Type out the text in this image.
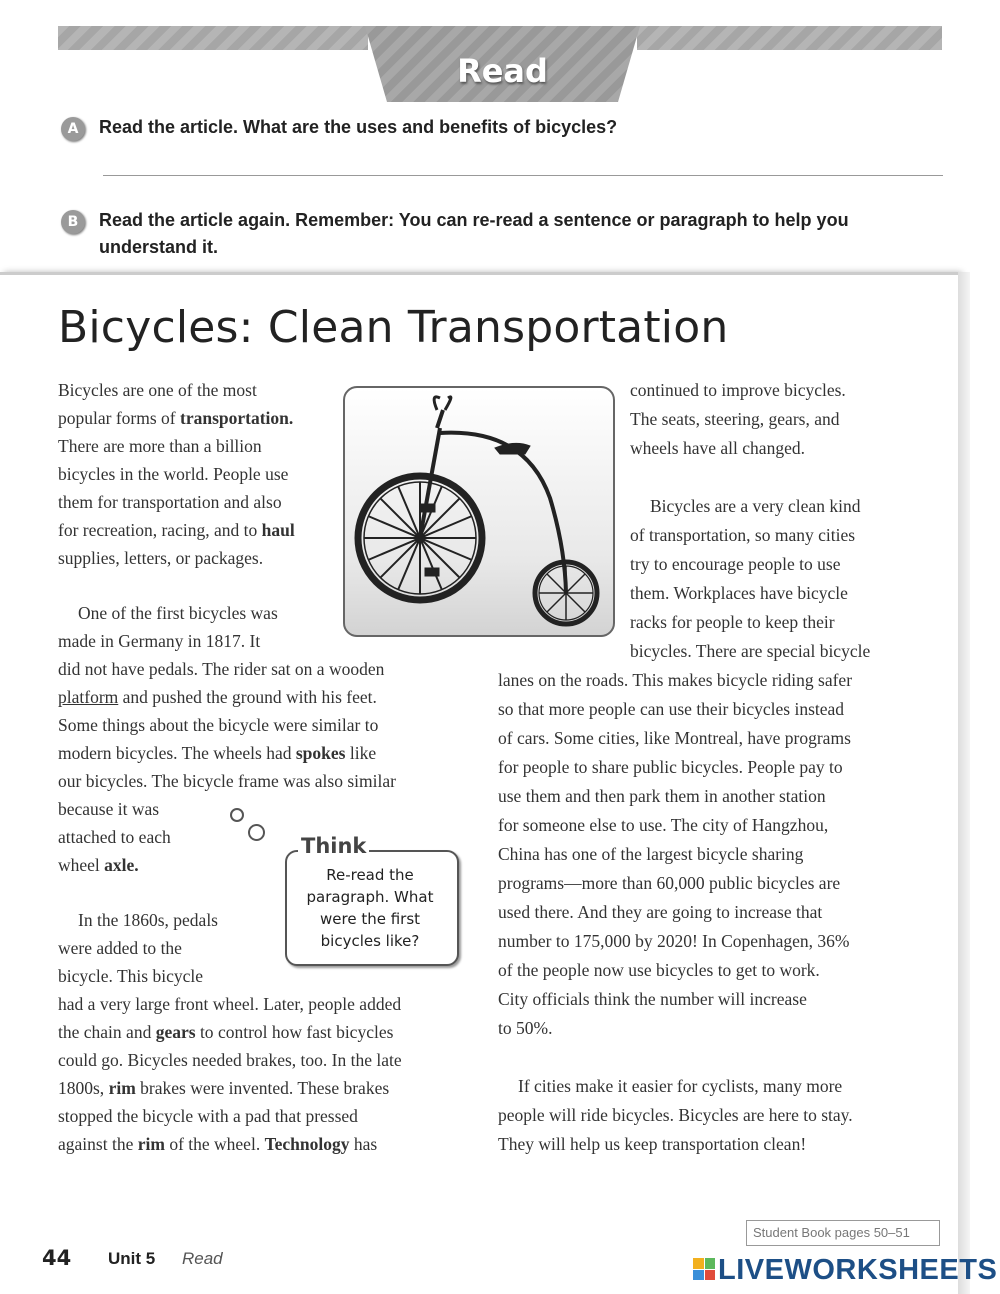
Read
A	Read the article. What are the uses and benefits of bicycles?
B	Read the article again. Remember: You can re-read a sentence or paragraph to help you
understand it.
Bicycles: Clean Transportation
Bicycles are one of the most
popular forms of transportation.
There are more than a billion
bicycles in the world. People use
them for transportation and also
for recreation, racing, and to haul
supplies, letters, or packages.
One of the first bicycles was
made in Germany in 1817. It
did not have pedals. The rider sat on a wooden
platform and pushed the ground with his feet.
Some things about the bicycle were similar to
modern bicycles. The wheels had spokes like
our bicycles. The bicycle frame was also similar
because it was
attached to each
wheel axle.
In the 1860s, pedals
were added to the
bicycle. This bicycle
had a very large front wheel. Later, people added
the chain and gears to control how fast bicycles
could go. Bicycles needed brakes, too. In the late
1800s, rim brakes were invented. These brakes
stopped the bicycle with a pad that pressed
against the rim of the wheel. Technology has
continued to improve bicycles.
The seats, steering, gears, and
wheels have all changed.
Bicycles are a very clean kind
of transportation, so many cities
try to encourage people to use
them. Workplaces have bicycle
racks for people to keep their
bicycles. There are special bicycle
lanes on the roads. This makes bicycle riding safer
so that more people can use their bicycles instead
of cars. Some cities, like Montreal, have programs
for people to share public bicycles. People pay to
use them and then park them in another station
for someone else to use. The city of Hangzhou,
China has one of the largest bicycle sharing
programs—more than 60,000 public bicycles are
used there. And they are going to increase that
number to 175,000 by 2020! In Copenhagen, 36%
of the people now use bicycles to get to work.
City officials think the number will increase
to 50%.
If cities make it easier for cyclists, many more
people will ride bicycles. Bicycles are here to stay.
They will help us keep transportation clean!
Think
Re-read the
paragraph. What
were the first
bicycles like?
44 Unit 5 Read
Student Book pages 50–51
LIVEWORKSHEETS
